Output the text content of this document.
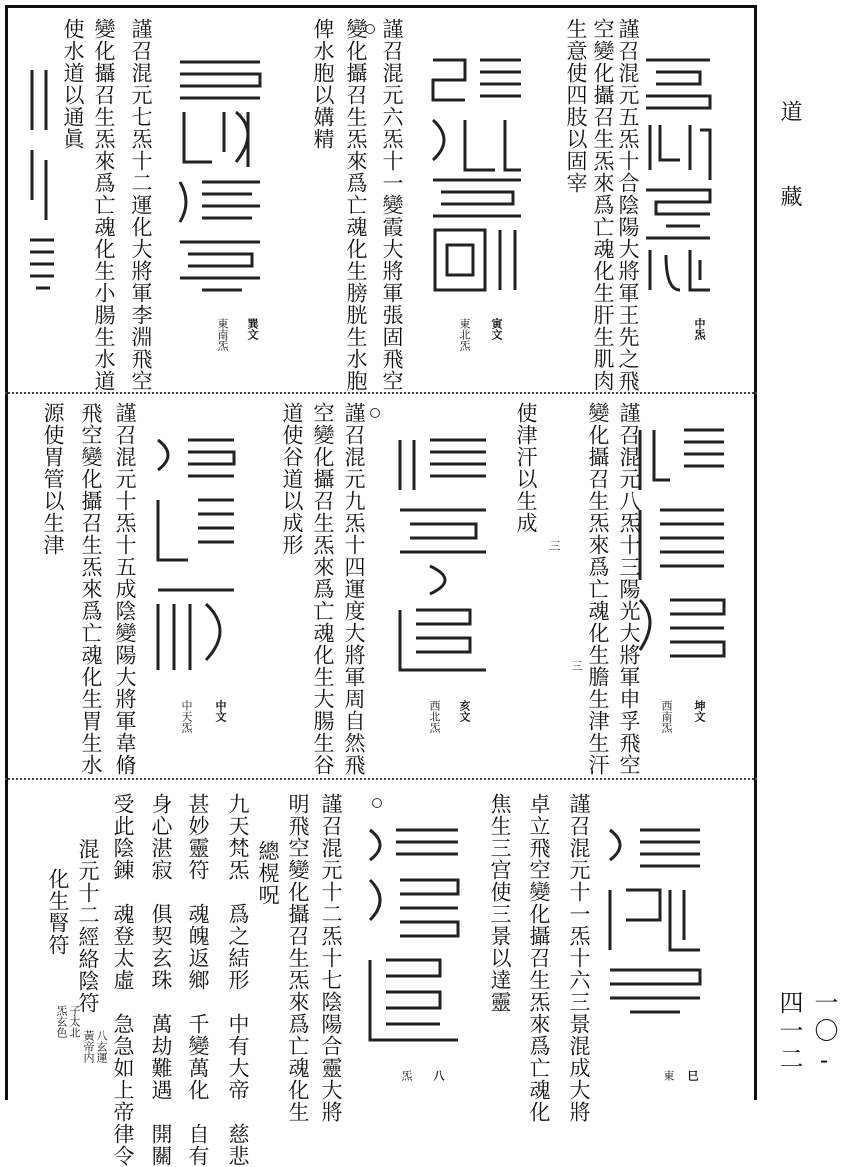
道
藏
一〇-四一二
謹召混元五炁十合陰陽大將軍王先之飛
空變化攝召生炁來爲亡魂化生肝生肌肉
生意使四肢以固宰
中炁
謹召混元六炁十一變霞大將軍張固飛空
變化攝召生炁來爲亡魂化生膀胱生水胞
俾水胞以媾精
寅文
東北炁
謹召混元七炁十二運化大將軍李淵飛空
變化攝召生炁來爲亡魂化生小腸生水道
使水道以通眞
巽文
東南炁
謹召混元八炁十三陽光大將軍申孚飛空
變化攝召生炁來爲亡魂化生膽生津生汗
使津汗以生成
三
三
坤文
西南炁
謹召混元九炁十四運度大將軍周自然飛
空變化攝召生炁來爲亡魂化生大腸生谷
道使谷道以成形
亥文
西北炁
謹召混元十炁十五成陰變陽大將軍韋脩
飛空變化攝召生炁來爲亡魂化生胃生水
源使胃管以生津
中文
中天炁
謹召混元十一炁十六三景混成大將
卓立飛空變化攝召生炁來爲亡魂化
焦生三宫使三景以達靈
巳
東
謹召混元十二炁十七陰陽合靈大將
明飛空變化攝召生炁來爲亡魂化生	八
炁
總榥呪
九天梵炁　爲之結形　中有大帝　慈悲
甚妙靈符　魂魄返鄉　千變萬化　自有
身心湛寂　俱契玄珠　萬劫難遇　開關
受此陰錬　魂登太虛　急急如上帝律令
混元十二經絡陰符
化生腎符
八玄運
黃帝内
子太北
炁玄色
